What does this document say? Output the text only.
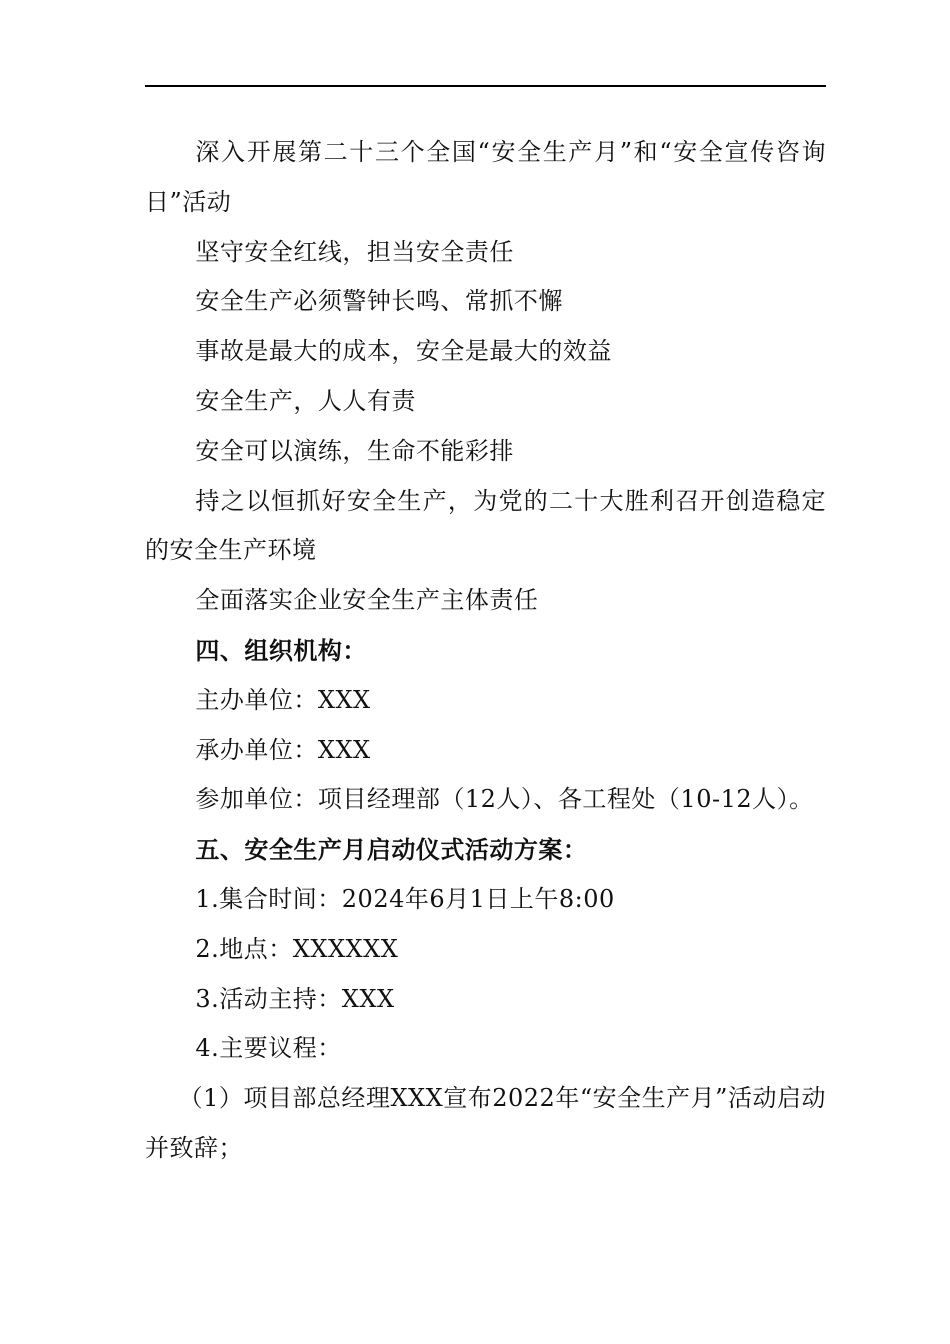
深入开展第二十三个全国“安全生产月”和“安全宣传咨询日”活动

坚守安全红线，担当安全责任

安全生产必须警钟长鸣、常抓不懈

事故是最大的成本，安全是最大的效益

安全生产，人人有责

安全可以演练，生命不能彩排

持之以恒抓好安全生产，为党的二十大胜利召开创造稳定的安全生产环境

全面落实企业安全生产主体责任

四、组织机构：

主办单位：XXX

承办单位：XXX

参加单位：项目经理部（12人）、各工程处（10-12人）。

五、安全生产月启动仪式活动方案：

1.集合时间：2024年6月1日上午8:00

2.地点：XXXXXX

3.活动主持：XXX

4.主要议程：

（1）项目部总经理XXX宣布2022年“安全生产月”活动启动并致辞；
